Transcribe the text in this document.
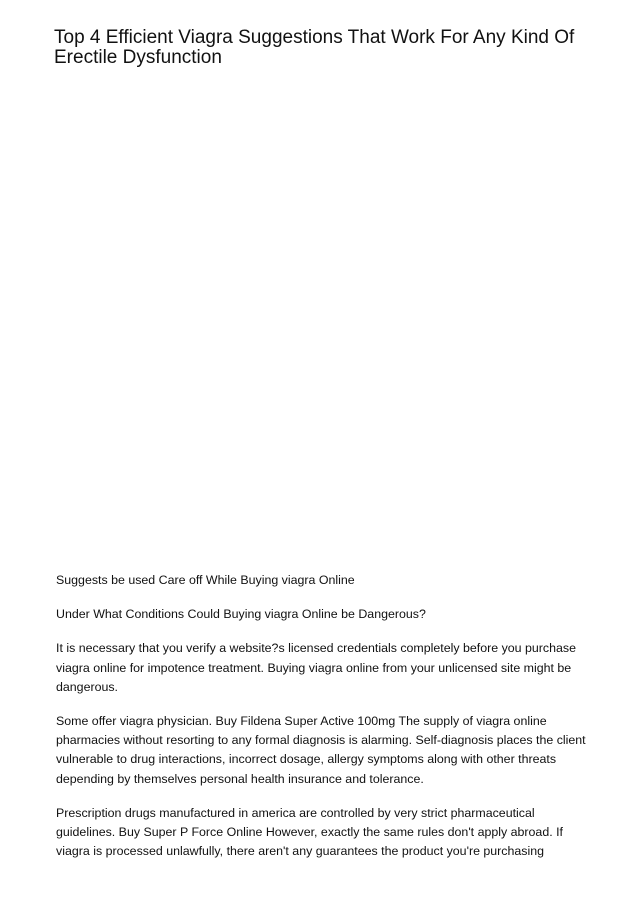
Top 4 Efficient Viagra Suggestions That Work For Any Kind Of Erectile Dysfunction

Suggests be used Care off While Buying viagra Online

Under What Conditions Could Buying viagra Online be Dangerous?

It is necessary that you verify a website?s licensed credentials completely before you purchase viagra online for impotence treatment. Buying viagra online from your unlicensed site might be dangerous.

Some offer viagra physician. Buy Fildena Super Active 100mg The supply of viagra online pharmacies without resorting to any formal diagnosis is alarming. Self-diagnosis places the client vulnerable to drug interactions, incorrect dosage, allergy symptoms along with other threats depending by themselves personal health insurance and tolerance.

Prescription drugs manufactured in america are controlled by very strict pharmaceutical guidelines. Buy Super P Force Online However, exactly the same rules don't apply abroad. If viagra is processed unlawfully, there aren't any guarantees the product you're purchasing
